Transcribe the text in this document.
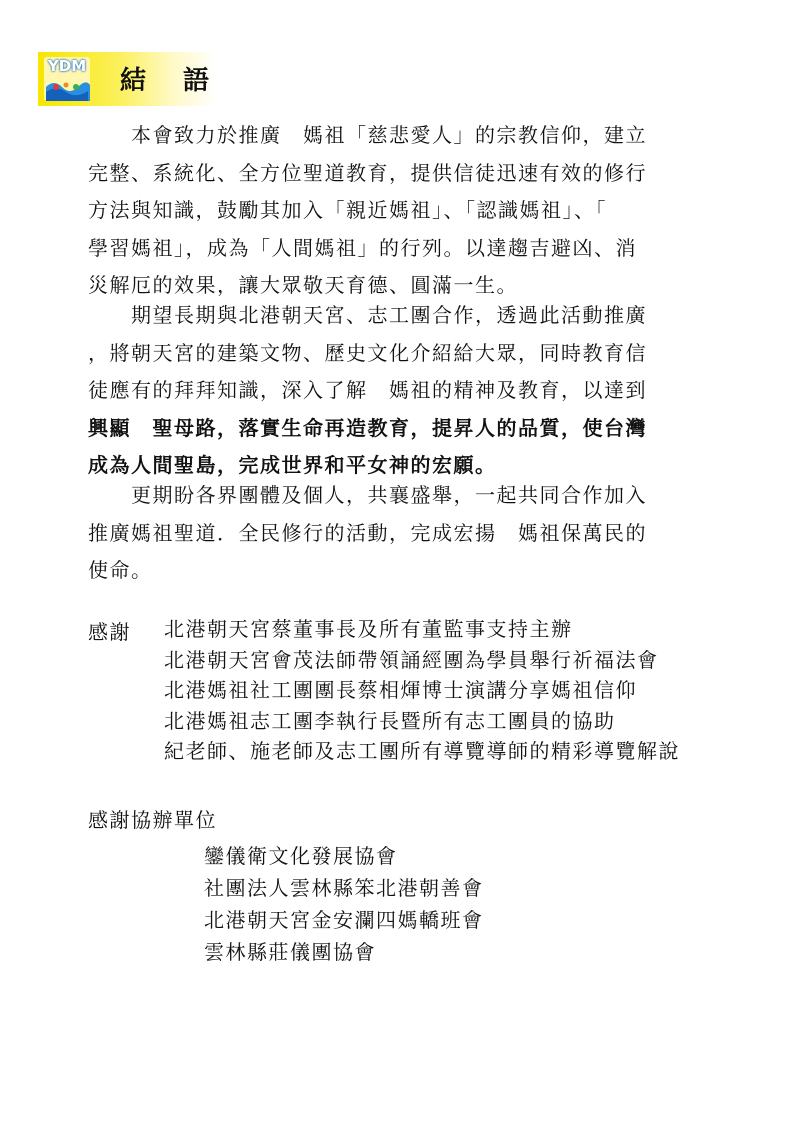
YDM 結 語
　　本會致力於推廣　媽祖「慈悲愛人」的宗教信仰，建立
完整、系統化、全方位聖道教育，提供信徒迅速有效的修行
方法與知識，鼓勵其加入「親近媽祖」、「認識媽祖」、「
學習媽祖」，成為「人間媽祖」的行列。以達趨吉避凶、消
災解厄的效果，讓大眾敬天育德、圓滿一生。
　　期望長期與北港朝天宮、志工團合作，透過此活動推廣
，將朝天宮的建築文物、歷史文化介紹給大眾，同時教育信
徒應有的拜拜知識，深入了解　媽祖的精神及教育，以達到
興顯　聖母路，落實生命再造教育，提昇人的品質，使台灣
成為人間聖島，完成世界和平女神的宏願。
　　更期盼各界團體及個人，共襄盛舉，一起共同合作加入
推廣媽祖聖道．全民修行的活動，完成宏揚　媽祖保萬民的
使命。
感謝 北港朝天宮蔡董事長及所有董監事支持主辦
北港朝天宮會茂法師帶領誦經團為學員舉行祈福法會
北港媽祖社工團團長蔡相煇博士演講分享媽祖信仰
北港媽祖志工團李執行長暨所有志工團員的協助
紀老師、施老師及志工團所有導覽導師的精彩導覽解說
感謝協辦單位
鑾儀衛文化發展協會
社團法人雲林縣笨北港朝善會
北港朝天宮金安瀾四媽轎班會
雲林縣莊儀團協會
